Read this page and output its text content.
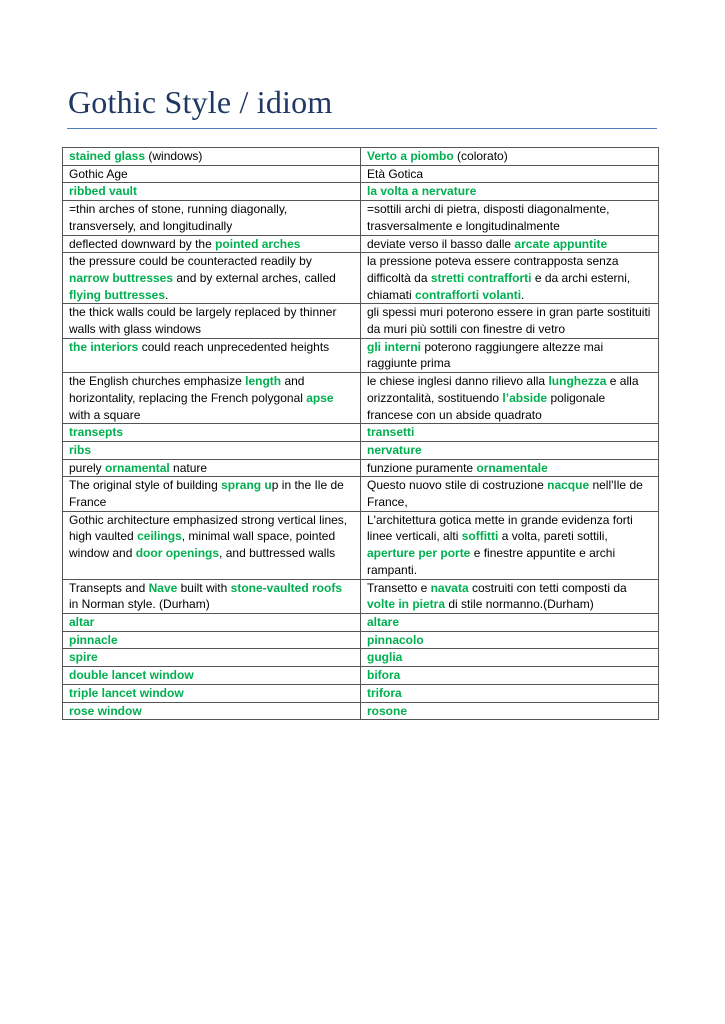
Gothic Style / idiom
stained glass (windows)	Verto a piombo (colorato)
Gothic Age	Età Gotica
ribbed vault	la volta a nervature
=thin arches of stone, running diagonally, transversely, and longitudinally	=sottili archi di pietra, disposti diagonalmente, trasversalmente e longitudinalmente
deflected downward by the pointed arches	deviate verso il basso dalle arcate appuntite
the pressure could be counteracted readily by narrow buttresses and by external arches, called flying buttresses.	la pressione poteva essere contrapposta senza difficoltà da stretti contrafforti e da archi esterni, chiamati contrafforti volanti.
the thick walls could be largely replaced by thinner walls with glass windows	gli spessi muri poterono essere in gran parte sostituiti da muri più sottili con finestre di vetro
the interiors could reach unprecedented heights	gli interni poterono raggiungere altezze mai raggiunte prima
the English churches emphasize length and horizontality, replacing the French polygonal apse with a square	le chiese inglesi danno rilievo alla lunghezza e alla orizzontalità, sostituendo l’abside poligonale francese con un abside quadrato
transepts	transetti
ribs	nervature
purely ornamental nature	funzione puramente ornamentale
The original style of building sprang up in the Ile de France	Questo nuovo stile di costruzione nacque nell'Ile de France,
Gothic architecture emphasized strong vertical lines, high vaulted ceilings, minimal wall space, pointed window and door openings, and buttressed walls	L'architettura gotica mette in grande evidenza forti linee verticali, alti soffitti a volta, pareti sottili, aperture per porte e finestre appuntite e archi rampanti.
Transepts and Nave built with stone-vaulted roofs in Norman style. (Durham)	Transetto e navata costruiti con tetti composti da volte in pietra di stile normanno.(Durham)
altar	altare
pinnacle	pinnacolo
spire	guglia
double lancet window	bifora
triple lancet window	trifora
rose window	rosone
